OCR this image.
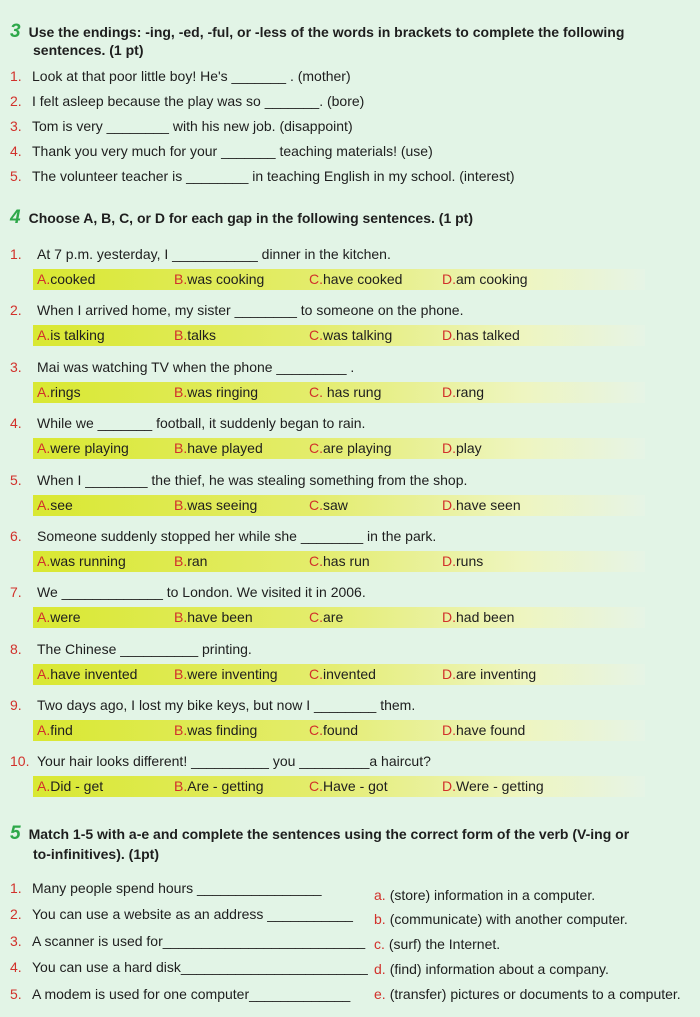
3 Use the endings: -ing, -ed, -ful, or -less of the words in brackets to complete the following
sentences. (1 pt)
1. Look at that poor little boy! He's _______ . (mother)
2. I felt asleep because the play was so _______. (bore)
3. Tom is very ________ with his new job. (disappoint)
4. Thank you very much for your _______ teaching materials! (use)
5. The volunteer teacher is ________ in teaching English in my school. (interest)
4 Choose A, B, C, or D for each gap in the following sentences. (1 pt)
1. At 7 p.m. yesterday, I ___________ dinner in the kitchen.
A.cooked	B.was cooking	C.have cooked	D.am cooking
2. When I arrived home, my sister ________ to someone on the phone.
A.is talking	B.talks	C.was talking	D.has talked
3. Mai was watching TV when the phone _________ .
A.rings	B.was ringing	C. has rung	D.rang
4. While we _______ football, it suddenly began to rain.
A.were playing	B.have played	C.are playing	D.play
5. When I ________ the thief, he was stealing something from the shop.
A.see	B.was seeing	C.saw	D.have seen
6. Someone suddenly stopped her while she ________ in the park.
A.was running	B.ran	C.has run	D.runs
7. We _____________ to London. We visited it in 2006.
A.were	B.have been	C.are	D.had been
8. The Chinese __________ printing.
A.have invented	B.were inventing C.invented	D.are inventing
9. Two days ago, I lost my bike keys, but now I ________ them.
A.find	B.was finding	C.found	D.have found
10. Your hair looks different! __________ you _________a haircut?
A.Did - get	B.Are - getting	C.Have - got	D.Were - getting
5 Match 1-5 with a-e and complete the sentences using the correct form of the verb (V-ing or
to-infinitives). (1pt)
1. Many people spend hours ________________
2. You can use a website as an address ___________
3. A scanner is used for__________________________
4. You can use a hard disk________________________
5. A modem is used for one computer_____________
a. (store) information in a computer.
b. (communicate) with another computer.
c. (surf) the Internet.
d. (find) information about a company.
e. (transfer) pictures or documents to a computer.
